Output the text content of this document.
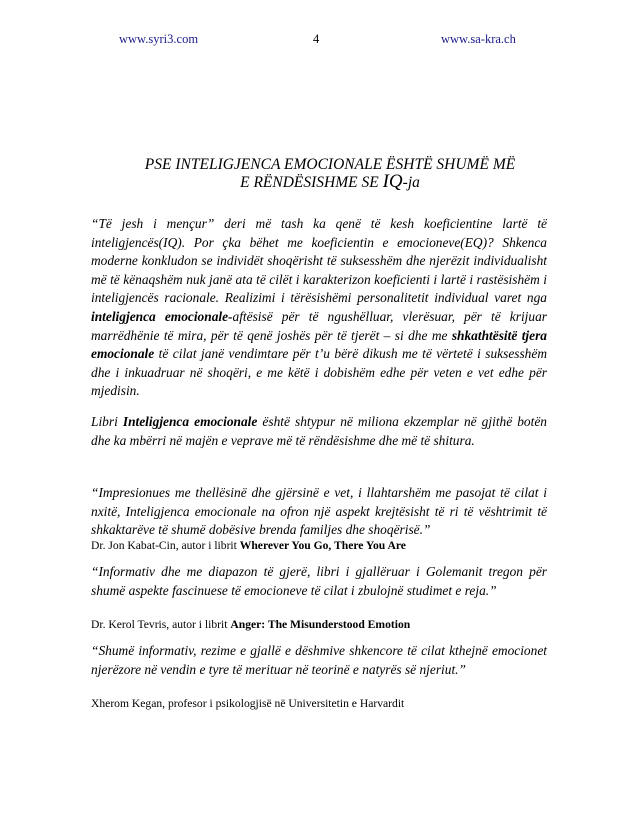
www.syri3.com	4	www.sa-kra.ch
PSE INTELIGJENCA EMOCIONALE ËSHTË SHUMË MË
E RËNDËSISHME SE IQ-ja

“Të jesh i mençur” deri më tash ka qenë të kesh koeficientine lartë të inteligjencës(IQ). Por çka bëhet me koeficientin e emocioneve(EQ)? Shkenca moderne konkludon se individët shoqërisht të suksesshëm dhe njerëzit individualisht më të kënaqshëm nuk janë ata të cilët i karakterizon koeficienti i lartë i rastësishëm i inteligjencës racionale. Realizimi i tërësishëmi personalitetit individual varet nga inteligjenca emocionale-aftësisë për të ngushëlluar, vlerësuar, për të krijuar marrëdhënie të mira, për të qenë joshës për të tjerët – si dhe me shkathtësitë tjera emocionale të cilat janë vendimtare për t’u bërë dikush me të vërtetë i suksesshëm dhe i inkuadruar në shoqëri, e me këtë i dobishëm edhe për veten e vet edhe për mjedisin.

Libri Inteligjenca emocionale është shtypur në miliona ekzemplar në gjithë botën dhe ka mbërri në majën e veprave më të rëndësishme dhe më të shitura.

“Impresionues me thellësinë dhe gjërsinë e vet, i llahtarshëm me pasojat të cilat i nxitë, Inteligjenca emocionale na ofron një aspekt krejtësisht të ri të vështrimit të shkaktarëve të shumë dobësive brenda familjes dhe shoqërisë.”

Dr. Jon Kabat-Cin, autor i librit Wherever You Go, There You Are

“Informativ dhe me diapazon të gjerë, libri i gjallëruar i Golemanit tregon për shumë aspekte fascinuese të emocioneve të cilat i zbulojnë studimet e reja.”

Dr. Kerol Tevris, autor i librit Anger: The Misunderstood Emotion

“Shumë informativ, rezime e gjallë e dëshmive shkencore të cilat kthejnë emocionet njerëzore në vendin e tyre të merituar në teorinë e natyrës së njeriut.”

Xherom Kegan, profesor i psikologjisë në Universitetin e Harvardit
